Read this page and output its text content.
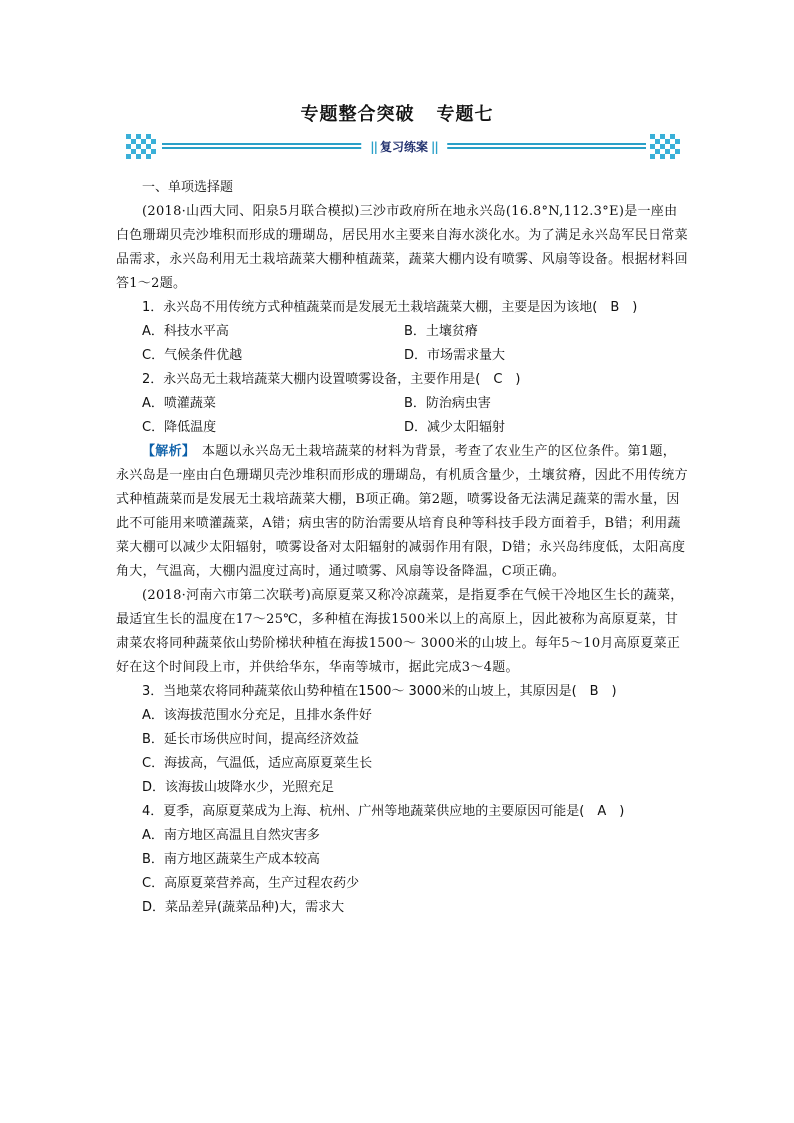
专题整合突破 专题七
|| 复习练案 ||

一、单项选择题

(2018·山西大同、阳泉5月联合模拟)三沙市政府所在地永兴岛(16.8°N,112.3°E)是一座由白色珊瑚贝壳沙堆积而形成的珊瑚岛，居民用水主要来自海水淡化水。为了满足永兴岛军民日常菜品需求，永兴岛利用无土栽培蔬菜大棚种植蔬菜，蔬菜大棚内设有喷雾、风扇等设备。根据材料回答1～2题。

1．永兴岛不用传统方式种植蔬菜而是发展无土栽培蔬菜大棚，主要是因为该地(　B　)

A．科技水平高	B．土壤贫瘠
C．气候条件优越	D．市场需求量大

2．永兴岛无土栽培蔬菜大棚内设置喷雾设备，主要作用是(　C　)

A．喷灌蔬菜	B．防治病虫害
C．降低温度	D．减少太阳辐射

【解析】　本题以永兴岛无土栽培蔬菜的材料为背景，考查了农业生产的区位条件。第1题，永兴岛是一座由白色珊瑚贝壳沙堆积而形成的珊瑚岛，有机质含量少，土壤贫瘠，因此不用传统方式种植蔬菜而是发展无土栽培蔬菜大棚，B项正确。第2题，喷雾设备无法满足蔬菜的需水量，因此不可能用来喷灌蔬菜，A错；病虫害的防治需要从培育良种等科技手段方面着手，B错；利用蔬菜大棚可以减少太阳辐射，喷雾设备对太阳辐射的减弱作用有限，D错；永兴岛纬度低，太阳高度角大，气温高，大棚内温度过高时，通过喷雾、风扇等设备降温，C项正确。

(2018·河南六市第二次联考)高原夏菜又称冷凉蔬菜，是指夏季在气候干冷地区生长的蔬菜，最适宜生长的温度在17～25℃，多种植在海拔1500米以上的高原上，因此被称为高原夏菜，甘肃菜农将同种蔬菜依山势阶梯状种植在海拔1500～ 3000米的山坡上。每年5～10月高原夏菜正好在这个时间段上市，并供给华东，华南等城市，据此完成3～4题。

3．当地菜农将同种蔬菜依山势种植在1500～ 3000米的山坡上，其原因是(　B　)

A．该海拔范围水分充足，且排水条件好

B．延长市场供应时间，提高经济效益

C．海拔高，气温低，适应高原夏菜生长

D．该海拔山坡降水少，光照充足

4．夏季，高原夏菜成为上海、杭州、广州等地蔬菜供应地的主要原因可能是(　A　)

A．南方地区高温且自然灾害多

B．南方地区蔬菜生产成本较高

C．高原夏菜营养高，生产过程农药少

D．菜品差异(蔬菜品种)大，需求大
